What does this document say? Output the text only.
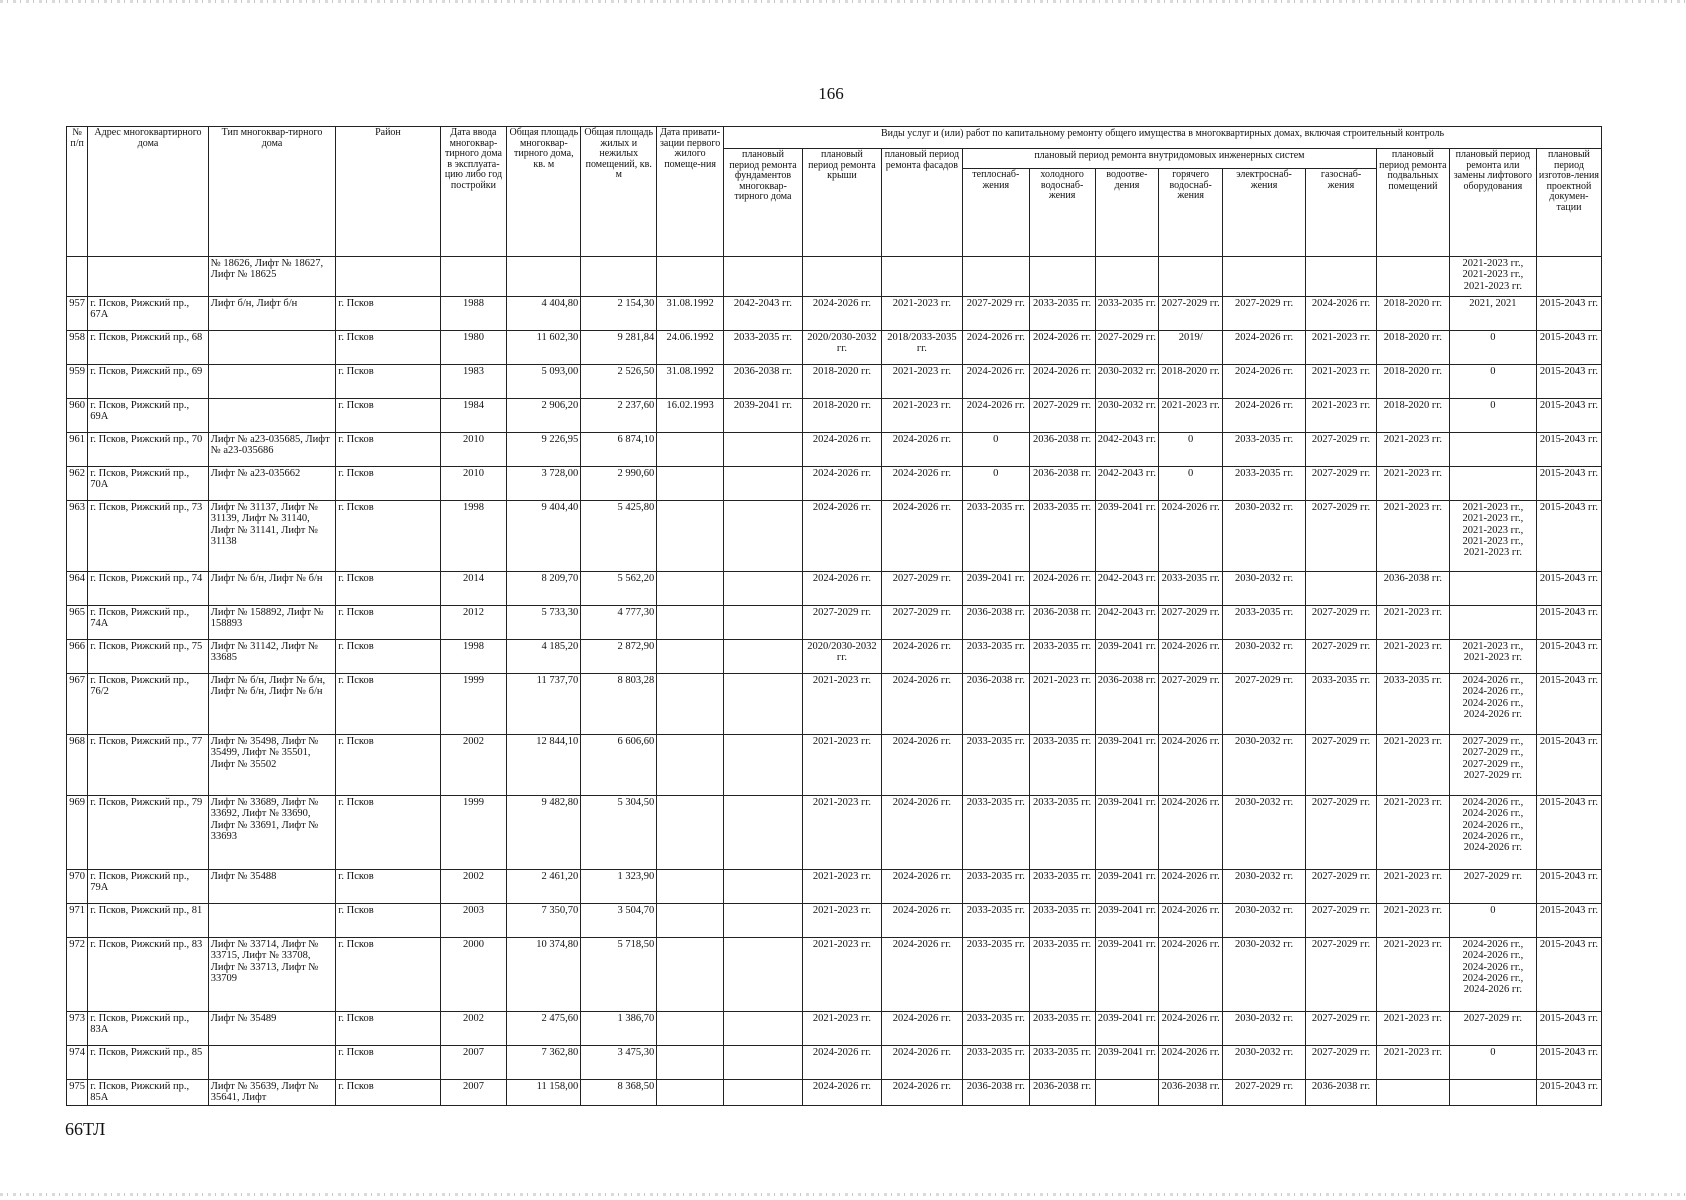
166
№ п/п	Адрес многоквартирного дома	Тип многоквар-тирного дома	Район	Дата ввода многоквар-тирного дома в эксплуата-цию либо год постройки	Общая площадь многоквар-тирного дома, кв. м	Общая площадь жилых и нежилых помещений, кв. м	Дата привати-зации первого жилого помеще-ния	Виды услуг и (или) работ по капитальному ремонту общего имущества в многоквартирных домах, включая строительный контроль											
								плановый период ремонта фундаментов многоквар-тирного дома	плановый период ремонта крыши	плановый период ремонта фасадов	плановый период ремонта внутридомовых инженерных систем						плановый период ремонта подвальных помещений	плановый период ремонта или замены лифтового оборудования	плановый период изготов-ления проектной докумен-тации
											теплоснаб-жения	холодного водоснаб-жения	водоотве-дения	горячего водоснаб-жения	электроснаб-жения	газоснаб-жения			
		№ 18626, Лифт № 18627, Лифт № 18625																2021-2023 гг., 2021-2023 гг., 2021-2023 гг.	
957	г. Псков, Рижский пр., 67А	Лифт б/н, Лифт б/н	г. Псков	1988	4 404,80	2 154,30	31.08.1992	2042-2043 гг.	2024-2026 гг.	2021-2023 гг.	2027-2029 гг.	2033-2035 гг.	2033-2035 гг.	2027-2029 гг.	2027-2029 гг.	2024-2026 гг.	2018-2020 гг.	2021, 2021	2015-2043 гг.
958	г. Псков, Рижский пр., 68		г. Псков	1980	11 602,30	9 281,84	24.06.1992	2033-2035 гг.	2020/2030-2032 гг.	2018/2033-2035 гг.	2024-2026 гг.	2024-2026 гг.	2027-2029 гг.	2019/	2024-2026 гг.	2021-2023 гг.	2018-2020 гг.	0	2015-2043 гг.
959	г. Псков, Рижский пр., 69		г. Псков	1983	5 093,00	2 526,50	31.08.1992	2036-2038 гг.	2018-2020 гг.	2021-2023 гг.	2024-2026 гг.	2024-2026 гг.	2030-2032 гг.	2018-2020 гг.	2024-2026 гг.	2021-2023 гг.	2018-2020 гг.	0	2015-2043 гг.
960	г. Псков, Рижский пр., 69А		г. Псков	1984	2 906,20	2 237,60	16.02.1993	2039-2041 гг.	2018-2020 гг.	2021-2023 гг.	2024-2026 гг.	2027-2029 гг.	2030-2032 гг.	2021-2023 гг.	2024-2026 гг.	2021-2023 гг.	2018-2020 гг.	0	2015-2043 гг.
961	г. Псков, Рижский пр., 70	Лифт № а23-035685, Лифт № а23-035686	г. Псков	2010	9 226,95	6 874,10			2024-2026 гг.	2024-2026 гг.	0	2036-2038 гг.	2042-2043 гг.	0	2033-2035 гг.	2027-2029 гг.	2021-2023 гг.		2015-2043 гг.
962	г. Псков, Рижский пр., 70А	Лифт № а23-035662	г. Псков	2010	3 728,00	2 990,60			2024-2026 гг.	2024-2026 гг.	0	2036-2038 гг.	2042-2043 гг.	0	2033-2035 гг.	2027-2029 гг.	2021-2023 гг.		2015-2043 гг.
963	г. Псков, Рижский пр., 73	Лифт № 31137, Лифт № 31139, Лифт № 31140, Лифт № 31141, Лифт № 31138	г. Псков	1998	9 404,40	5 425,80			2024-2026 гг.	2024-2026 гг.	2033-2035 гг.	2033-2035 гг.	2039-2041 гг.	2024-2026 гг.	2030-2032 гг.	2027-2029 гг.	2021-2023 гг.	2021-2023 гг., 2021-2023 гг., 2021-2023 гг., 2021-2023 гг., 2021-2023 гг.	2015-2043 гг.
964	г. Псков, Рижский пр., 74	Лифт № б/н, Лифт № б/н	г. Псков	2014	8 209,70	5 562,20			2024-2026 гг.	2027-2029 гг.	2039-2041 гг.	2024-2026 гг.	2042-2043 гг.	2033-2035 гг.	2030-2032 гг.		2036-2038 гг.		2015-2043 гг.
965	г. Псков, Рижский пр., 74А	Лифт № 158892, Лифт № 158893	г. Псков	2012	5 733,30	4 777,30			2027-2029 гг.	2027-2029 гг.	2036-2038 гг.	2036-2038 гг.	2042-2043 гг.	2027-2029 гг.	2033-2035 гг.	2027-2029 гг.	2021-2023 гг.		2015-2043 гг.
966	г. Псков, Рижский пр., 75	Лифт № 31142, Лифт № 33685	г. Псков	1998	4 185,20	2 872,90			2020/2030-2032 гг.	2024-2026 гг.	2033-2035 гг.	2033-2035 гг.	2039-2041 гг.	2024-2026 гг.	2030-2032 гг.	2027-2029 гг.	2021-2023 гг.	2021-2023 гг., 2021-2023 гг.	2015-2043 гг.
967	г. Псков, Рижский пр., 76/2	Лифт № б/н, Лифт № б/н, Лифт № б/н, Лифт № б/н	г. Псков	1999	11 737,70	8 803,28			2021-2023 гг.	2024-2026 гг.	2036-2038 гг.	2021-2023 гг.	2036-2038 гг.	2027-2029 гг.	2027-2029 гг.	2033-2035 гг.	2033-2035 гг.	2024-2026 гг., 2024-2026 гг., 2024-2026 гг., 2024-2026 гг.	2015-2043 гг.
968	г. Псков, Рижский пр., 77	Лифт № 35498, Лифт № 35499, Лифт № 35501, Лифт № 35502	г. Псков	2002	12 844,10	6 606,60			2021-2023 гг.	2024-2026 гг.	2033-2035 гг.	2033-2035 гг.	2039-2041 гг.	2024-2026 гг.	2030-2032 гг.	2027-2029 гг.	2021-2023 гг.	2027-2029 гг., 2027-2029 гг., 2027-2029 гг., 2027-2029 гг.	2015-2043 гг.
969	г. Псков, Рижский пр., 79	Лифт № 33689, Лифт № 33692, Лифт № 33690, Лифт № 33691, Лифт № 33693	г. Псков	1999	9 482,80	5 304,50			2021-2023 гг.	2024-2026 гг.	2033-2035 гг.	2033-2035 гг.	2039-2041 гг.	2024-2026 гг.	2030-2032 гг.	2027-2029 гг.	2021-2023 гг.	2024-2026 гг., 2024-2026 гг., 2024-2026 гг., 2024-2026 гг., 2024-2026 гг.	2015-2043 гг.
970	г. Псков, Рижский пр., 79А	Лифт № 35488	г. Псков	2002	2 461,20	1 323,90			2021-2023 гг.	2024-2026 гг.	2033-2035 гг.	2033-2035 гг.	2039-2041 гг.	2024-2026 гг.	2030-2032 гг.	2027-2029 гг.	2021-2023 гг.	2027-2029 гг.	2015-2043 гг.
971	г. Псков, Рижский пр., 81		г. Псков	2003	7 350,70	3 504,70			2021-2023 гг.	2024-2026 гг.	2033-2035 гг.	2033-2035 гг.	2039-2041 гг.	2024-2026 гг.	2030-2032 гг.	2027-2029 гг.	2021-2023 гг.	0	2015-2043 гг.
972	г. Псков, Рижский пр., 83	Лифт № 33714, Лифт № 33715, Лифт № 33708, Лифт № 33713, Лифт № 33709	г. Псков	2000	10 374,80	5 718,50			2021-2023 гг.	2024-2026 гг.	2033-2035 гг.	2033-2035 гг.	2039-2041 гг.	2024-2026 гг.	2030-2032 гг.	2027-2029 гг.	2021-2023 гг.	2024-2026 гг., 2024-2026 гг., 2024-2026 гг., 2024-2026 гг., 2024-2026 гг.	2015-2043 гг.
973	г. Псков, Рижский пр., 83А	Лифт № 35489	г. Псков	2002	2 475,60	1 386,70			2021-2023 гг.	2024-2026 гг.	2033-2035 гг.	2033-2035 гг.	2039-2041 гг.	2024-2026 гг.	2030-2032 гг.	2027-2029 гг.	2021-2023 гг.	2027-2029 гг.	2015-2043 гг.
974	г. Псков, Рижский пр., 85		г. Псков	2007	7 362,80	3 475,30			2024-2026 гг.	2024-2026 гг.	2033-2035 гг.	2033-2035 гг.	2039-2041 гг.	2024-2026 гг.	2030-2032 гг.	2027-2029 гг.	2021-2023 гг.	0	2015-2043 гг.
975	г. Псков, Рижский пр., 85А	Лифт № 35639, Лифт № 35641, Лифт	г. Псков	2007	11 158,00	8 368,50			2024-2026 гг.	2024-2026 гг.	2036-2038 гг.	2036-2038 гг.		2036-2038 гг.	2027-2029 гг.	2036-2038 гг.			2015-2043 гг.
66ТЛ
